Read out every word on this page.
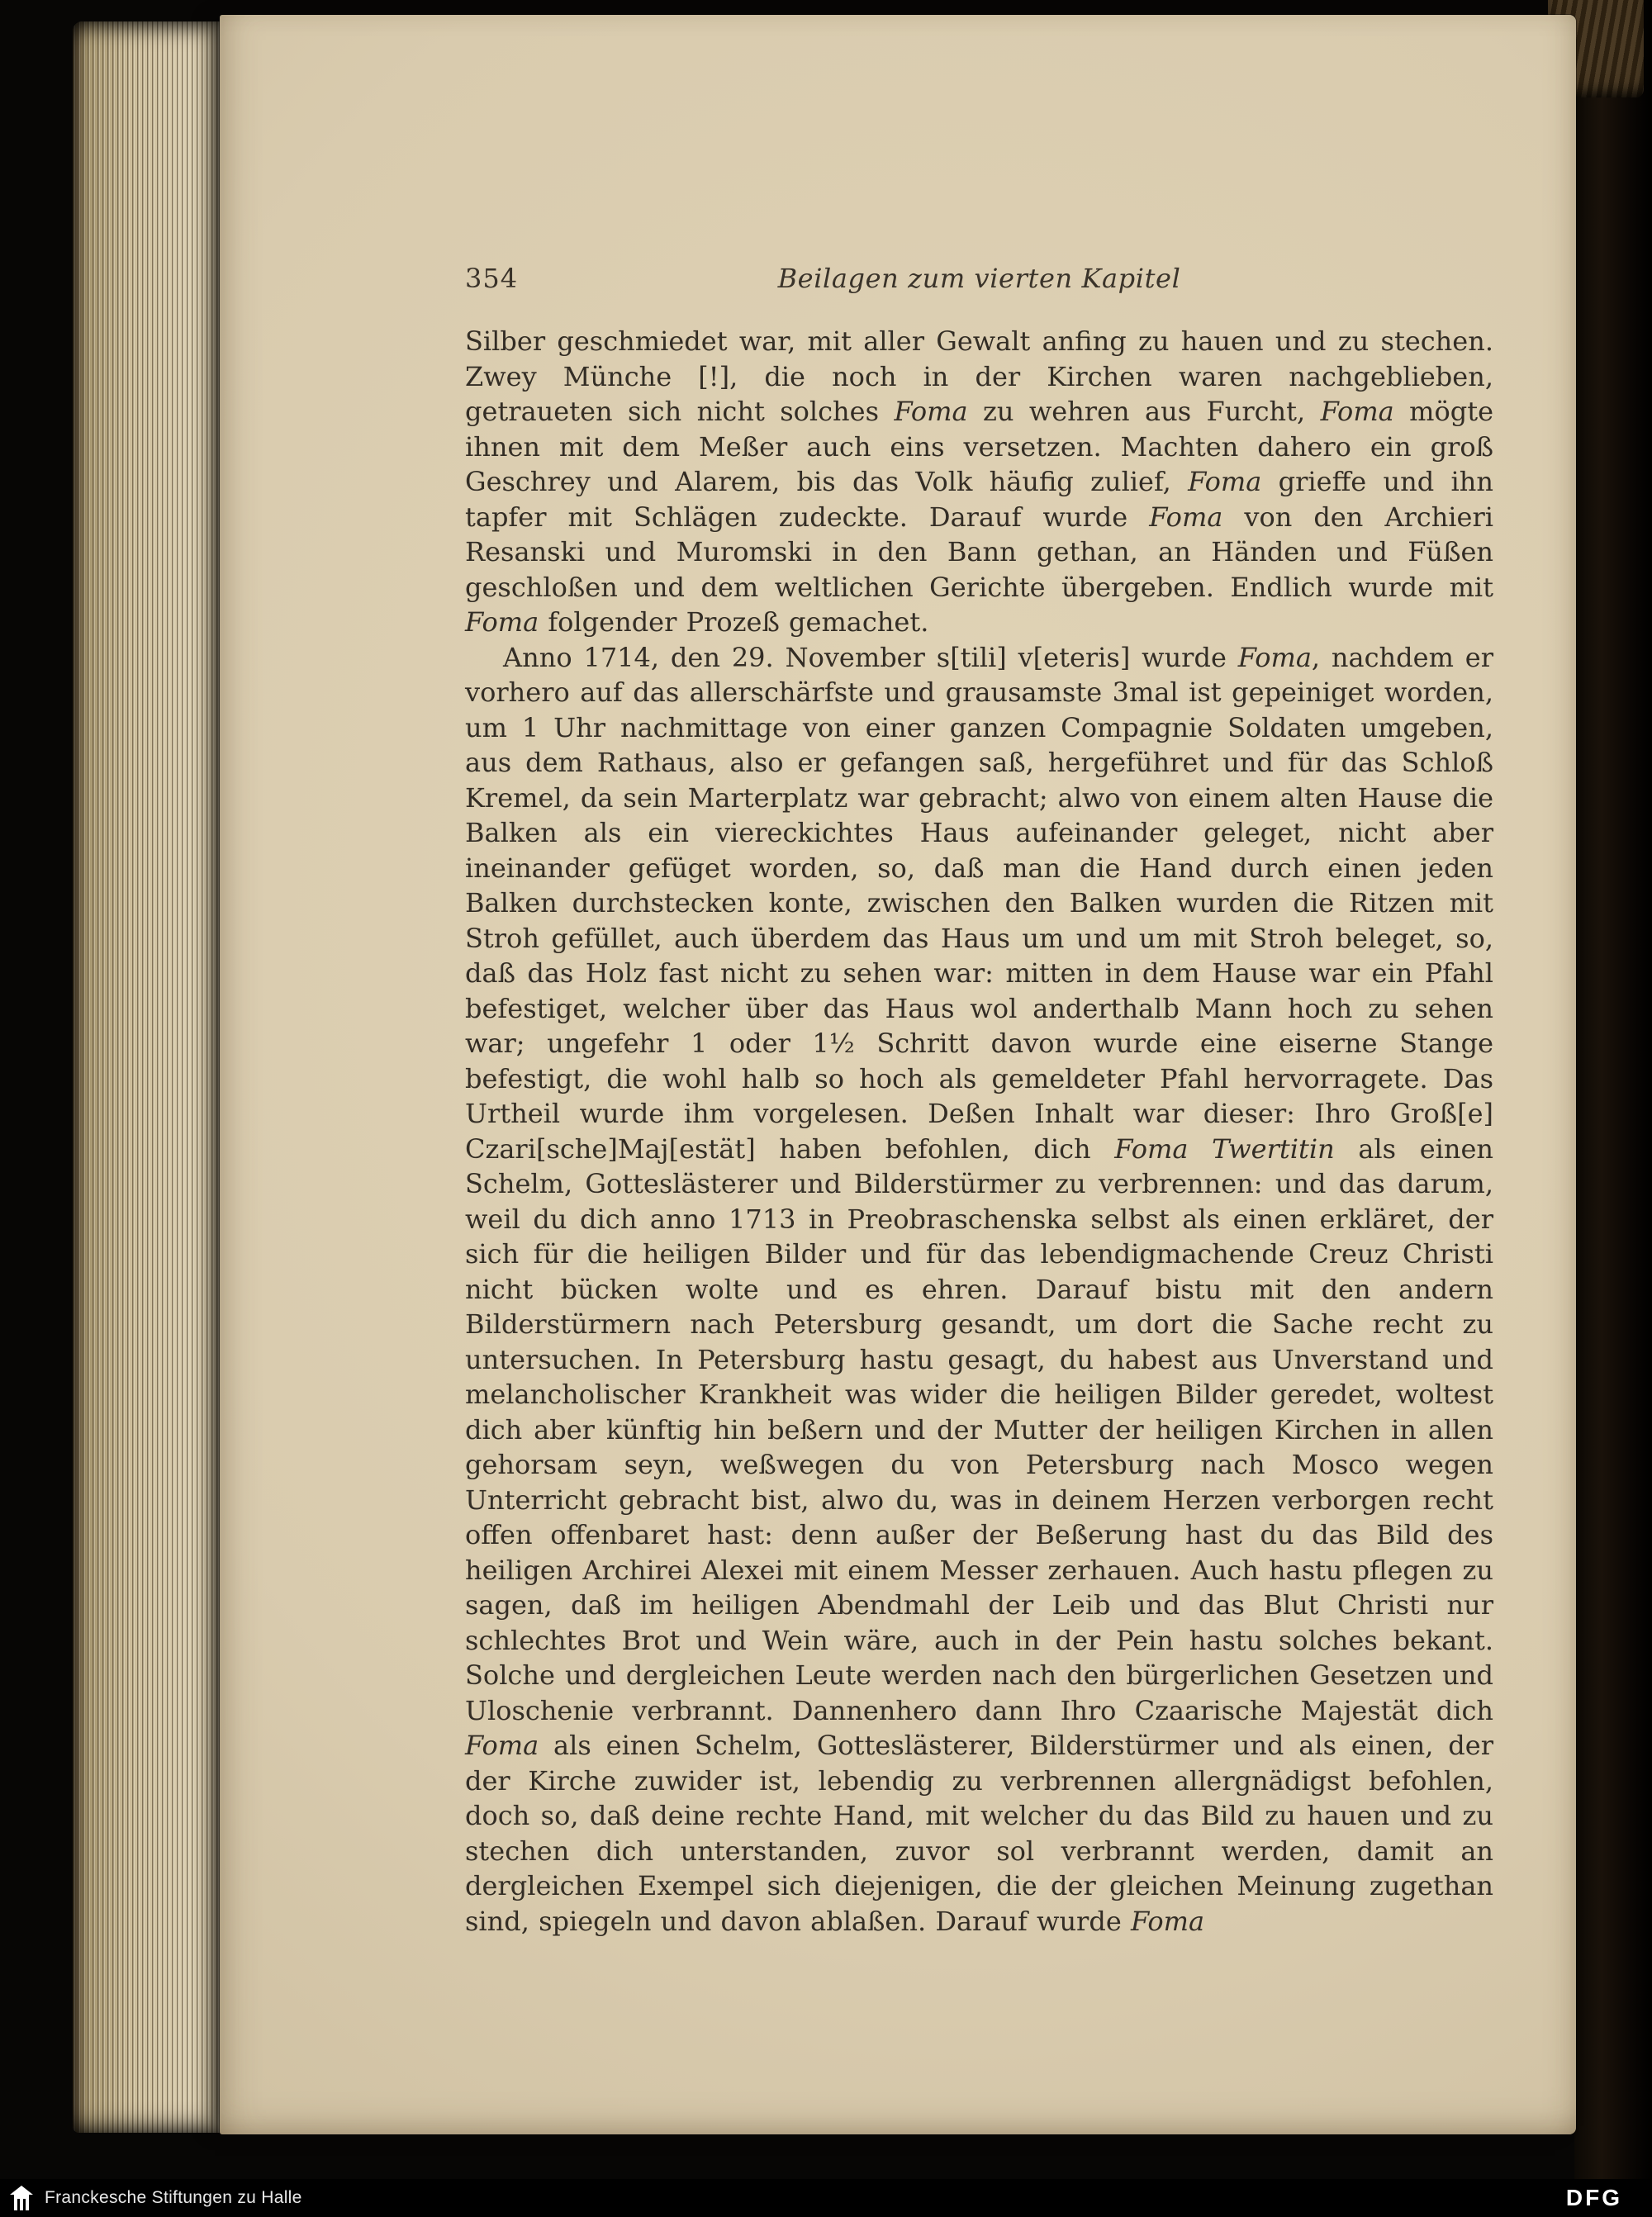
354	Beilagen zum vierten Kapitel

Silber geschmiedet war, mit aller Gewalt anfing zu hauen und zu stechen. Zwey Münche [!], die noch in der Kirchen waren nachgeblieben, getraueten sich nicht solches Foma zu wehren aus Furcht, Foma mögte ihnen mit dem Meßer auch eins versetzen. Machten dahero ein groß Geschrey und Alarem, bis das Volk häufig zulief, Foma grieffe und ihn tapfer mit Schlägen zudeckte. Darauf wurde Foma von den Archieri Resanski und Muromski in den Bann gethan, an Händen und Füßen geschloßen und dem weltlichen Gerichte übergeben. Endlich wurde mit Foma folgender Prozeß gemachet.

Anno 1714, den 29. November s[tili] v[eteris] wurde Foma, nachdem er vorhero auf das allerschärfste und grausamste 3mal ist gepeiniget worden, um 1 Uhr nachmittage von einer ganzen Compagnie Soldaten umgeben, aus dem Rathaus, also er gefangen saß, hergeführet und für das Schloß Kremel, da sein Marterplatz war gebracht; alwo von einem alten Hause die Balken als ein viereckichtes Haus aufeinander geleget, nicht aber ineinander gefüget worden, so, daß man die Hand durch einen jeden Balken durchstecken konte, zwischen den Balken wurden die Ritzen mit Stroh gefüllet, auch überdem das Haus um und um mit Stroh beleget, so, daß das Holz fast nicht zu sehen war: mitten in dem Hause war ein Pfahl befestiget, welcher über das Haus wol anderthalb Mann hoch zu sehen war; ungefehr 1 oder 1½ Schritt davon wurde eine eiserne Stange befestigt, die wohl halb so hoch als gemeldeter Pfahl hervorragete. Das Urtheil wurde ihm vorgelesen. Deßen Inhalt war dieser: Ihro Groß[e] Czari[sche]Maj[estät] haben befohlen, dich Foma Twertitin als einen Schelm, Gotteslästerer und Bilderstürmer zu verbrennen: und das darum, weil du dich anno 1713 in Preobraschenska selbst als einen erkläret, der sich für die heiligen Bilder und für das lebendigmachende Creuz Christi nicht bücken wolte und es ehren. Darauf bistu mit den andern Bilderstürmern nach Petersburg gesandt, um dort die Sache recht zu untersuchen. In Petersburg hastu gesagt, du habest aus Unverstand und melancholischer Krankheit was wider die heiligen Bilder geredet, woltest dich aber künftig hin beßern und der Mutter der heiligen Kirchen in allen gehorsam seyn, weßwegen du von Petersburg nach Mosco wegen Unterricht gebracht bist, alwo du, was in deinem Herzen verborgen recht offen offenbaret hast: denn außer der Beßerung hast du das Bild des heiligen Archirei Alexei mit einem Messer zerhauen. Auch hastu pflegen zu sagen, daß im heiligen Abendmahl der Leib und das Blut Christi nur schlechtes Brot und Wein wäre, auch in der Pein hastu solches bekant. Solche und dergleichen Leute werden nach den bürgerlichen Gesetzen und Uloschenie verbrannt. Dannenhero dann Ihro Czaarische Majestät dich Foma als einen Schelm, Gotteslästerer, Bilderstürmer und als einen, der der Kirche zuwider ist, lebendig zu verbrennen allergnädigst befohlen, doch so, daß deine rechte Hand, mit welcher du das Bild zu hauen und zu stechen dich unterstanden, zuvor sol verbrannt werden, damit an dergleichen Exempel sich diejenigen, die der gleichen Meinung zugethan sind, spiegeln und davon ablaßen. Darauf wurde Foma

Franckesche Stiftungen zu Halle	DFG
